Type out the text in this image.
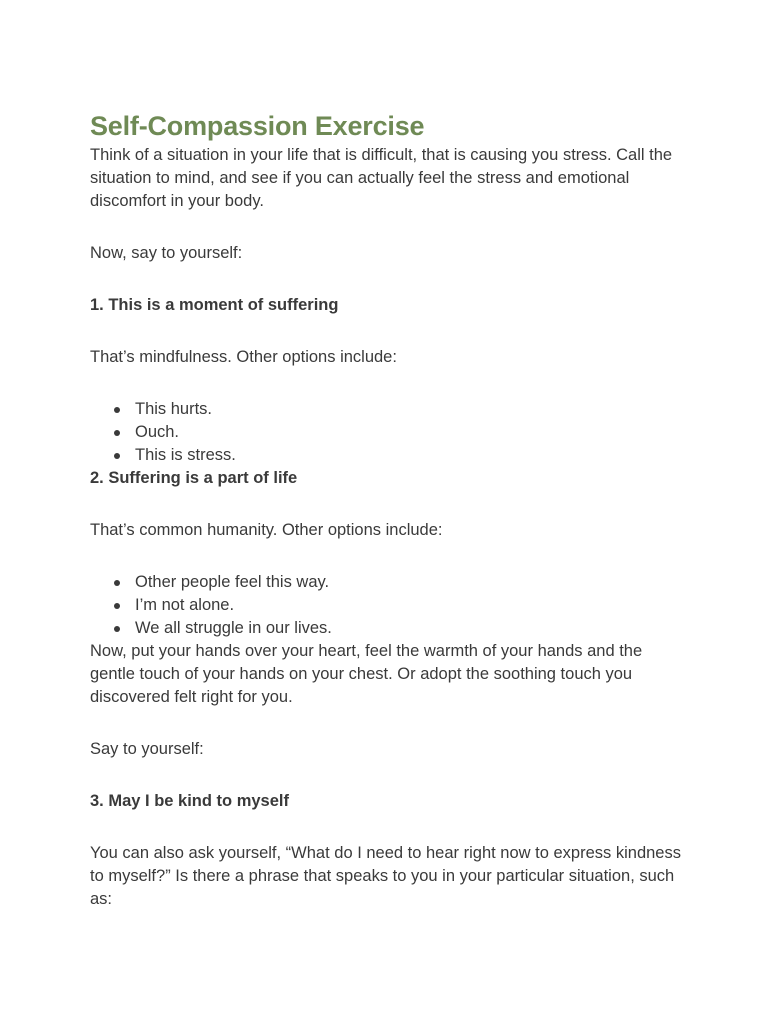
Self-Compassion Exercise

Think of a situation in your life that is difficult, that is causing you stress. Call the situation to mind, and see if you can actually feel the stress and emotional discomfort in your body.

Now, say to yourself:

1. This is a moment of suffering

That’s mindfulness. Other options include:

This hurts.
Ouch.
This is stress.

2. Suffering is a part of life

That’s common humanity. Other options include:

Other people feel this way.
I’m not alone.
We all struggle in our lives.

Now, put your hands over your heart, feel the warmth of your hands and the gentle touch of your hands on your chest. Or adopt the soothing touch you discovered felt right for you.

Say to yourself:

3. May I be kind to myself

You can also ask yourself, “What do I need to hear right now to express kindness to myself?” Is there a phrase that speaks to you in your particular situation, such as:
